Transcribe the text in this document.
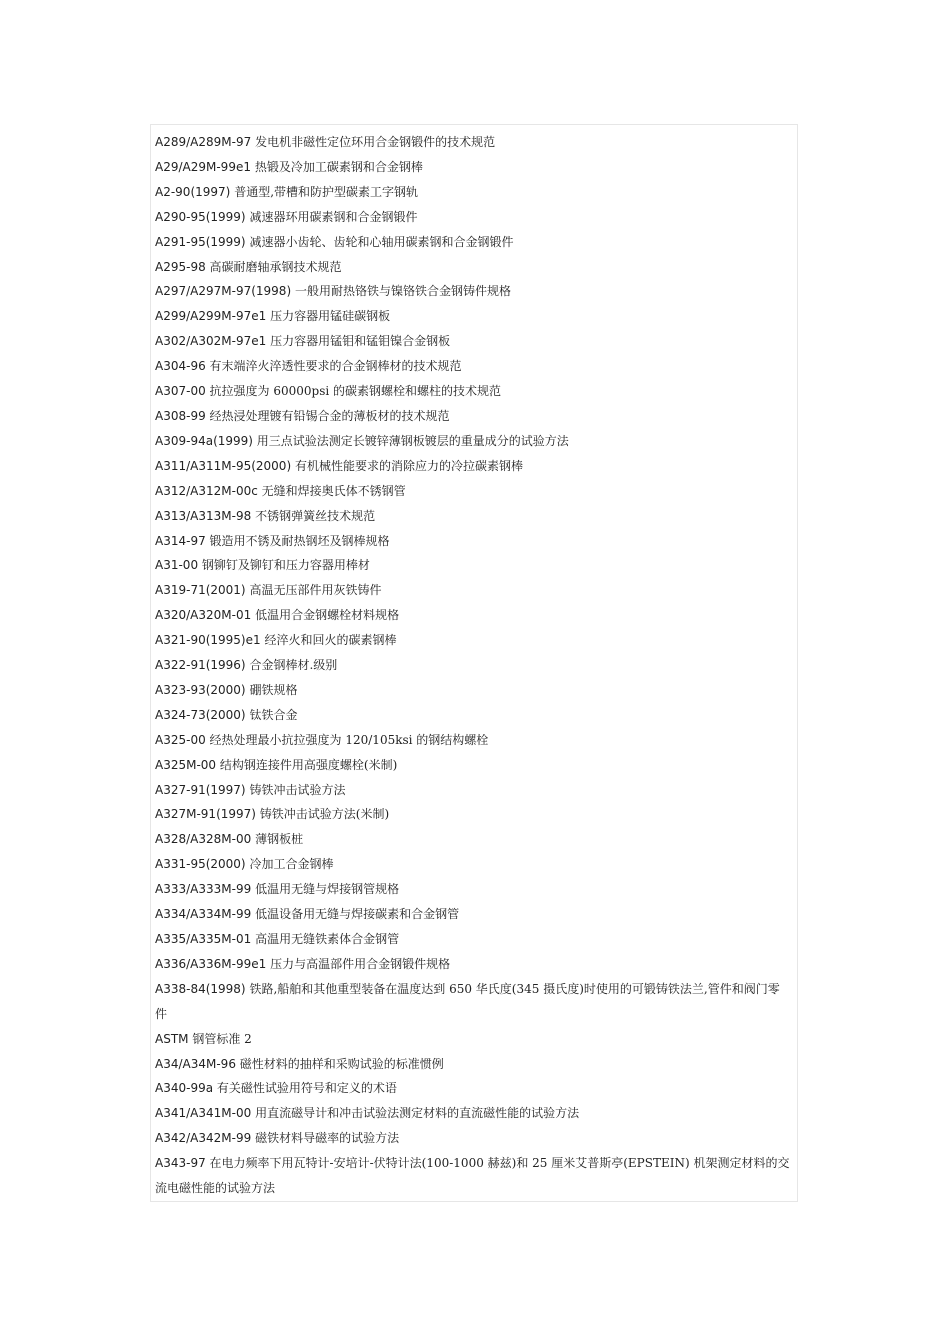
A289/A289M-97 发电机非磁性定位环用合金钢锻件的技术规范

A29/A29M-99e1 热锻及冷加工碳素钢和合金钢棒

A2-90(1997) 普通型,带槽和防护型碳素工字钢轨

A290-95(1999) 减速器环用碳素钢和合金钢锻件

A291-95(1999) 减速器小齿轮、齿轮和心轴用碳素钢和合金钢锻件

A295-98 高碳耐磨轴承钢技术规范

A297/A297M-97(1998) 一般用耐热铬铁与镍铬铁合金钢铸件规格

A299/A299M-97e1 压力容器用锰硅碳钢板

A302/A302M-97e1 压力容器用锰钼和锰钼镍合金钢板

A304-96 有末端淬火淬透性要求的合金钢棒材的技术规范

A307-00 抗拉强度为 60000psi 的碳素钢螺栓和螺柱的技术规范

A308-99 经热浸处理镀有铅锡合金的薄板材的技术规范

A309-94a(1999) 用三点试验法测定长镀锌薄钢板镀层的重量成分的试验方法

A311/A311M-95(2000) 有机械性能要求的消除应力的冷拉碳素钢棒

A312/A312M-00c 无缝和焊接奥氏体不锈钢管

A313/A313M-98 不锈钢弹簧丝技术规范

A314-97 锻造用不锈及耐热钢坯及钢棒规格

A31-00 钢铆钉及铆钉和压力容器用棒材

A319-71(2001) 高温无压部件用灰铁铸件

A320/A320M-01 低温用合金钢螺栓材料规格

A321-90(1995)e1 经淬火和回火的碳素钢棒

A322-91(1996) 合金钢棒材.级别

A323-93(2000) 硼铁规格

A324-73(2000) 钛铁合金

A325-00 经热处理最小抗拉强度为 120/105ksi 的钢结构螺栓

A325M-00 结构钢连接件用高强度螺栓(米制)

A327-91(1997) 铸铁冲击试验方法

A327M-91(1997) 铸铁冲击试验方法(米制)

A328/A328M-00 薄钢板桩

A331-95(2000) 冷加工合金钢棒

A333/A333M-99 低温用无缝与焊接钢管规格

A334/A334M-99 低温设备用无缝与焊接碳素和合金钢管

A335/A335M-01 高温用无缝铁素体合金钢管

A336/A336M-99e1 压力与高温部件用合金钢锻件规格

A338-84(1998) 铁路,船舶和其他重型装备在温度达到 650 华氏度(345 摄氏度)时使用的可锻铸铁法兰,管件和阀门零件

ASTM 钢管标准 2

A34/A34M-96 磁性材料的抽样和采购试验的标准惯例

A340-99a 有关磁性试验用符号和定义的术语

A341/A341M-00 用直流磁导计和冲击试验法测定材料的直流磁性能的试验方法

A342/A342M-99 磁铁材料导磁率的试验方法

A343-97 在电力频率下用瓦特计-安培计-伏特计法(100-1000 赫兹)和 25 厘米艾普斯亭(EPSTEIN) 机架测定材料的交流电磁性能的试验方法
